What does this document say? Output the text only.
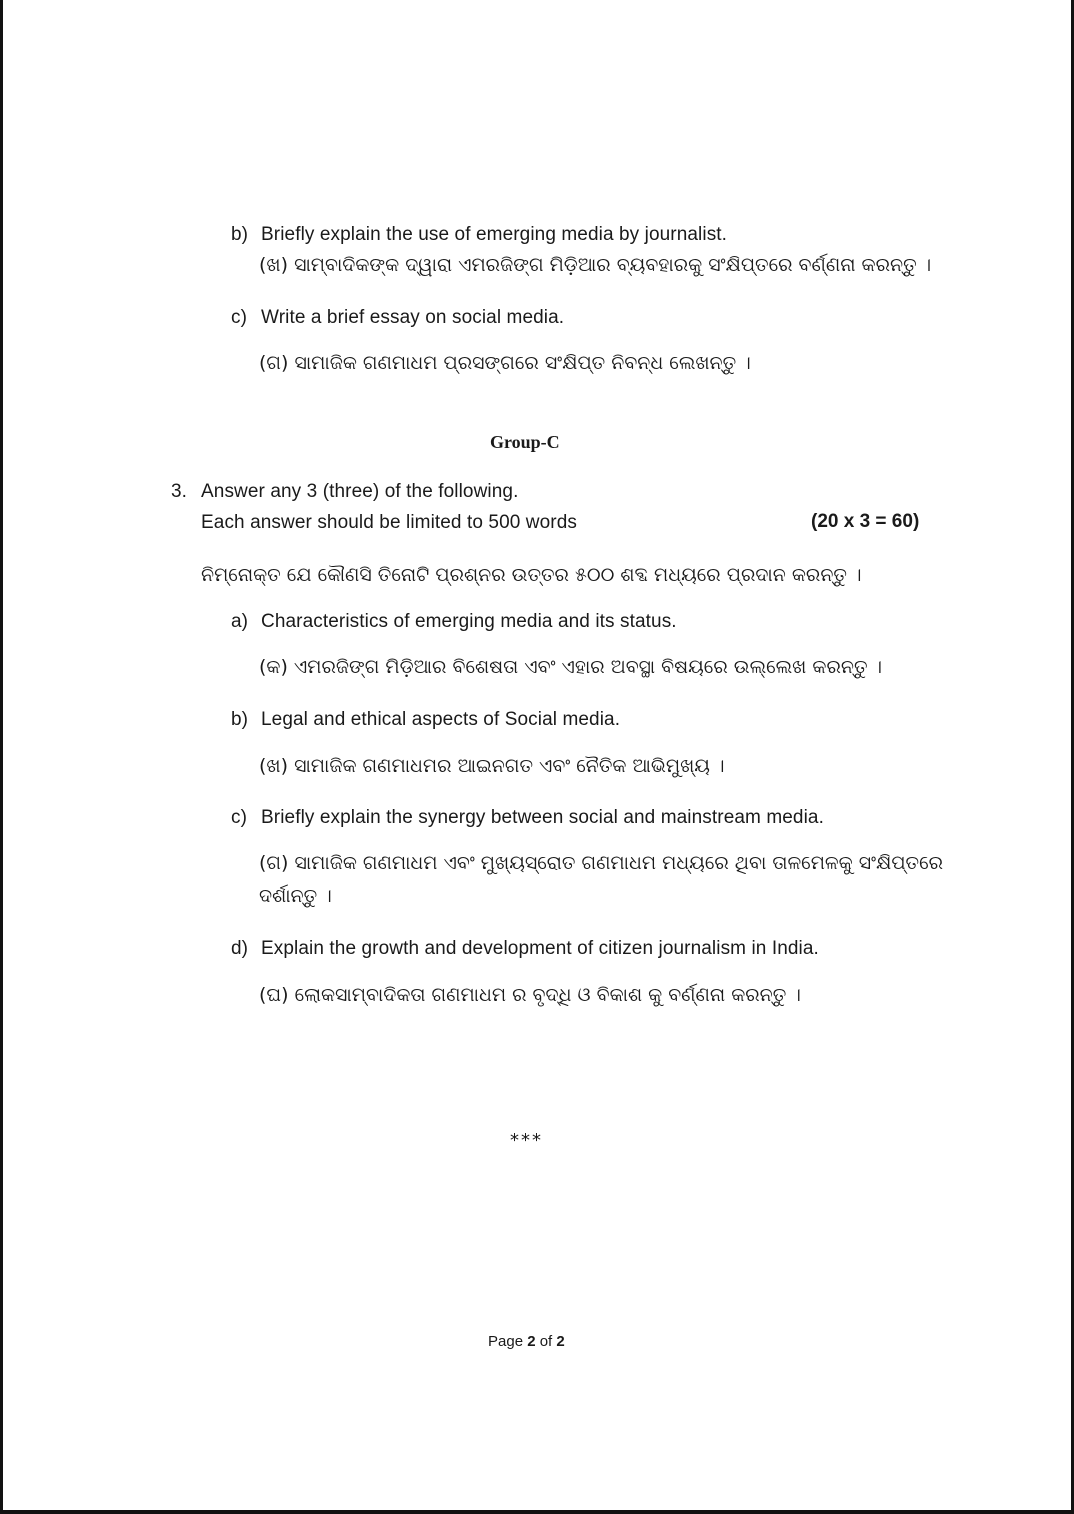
b) Briefly explain the use of emerging media by journalist.
(ଖ) ସାମ୍ବାଦିକଙ୍କ ଦ୍ୱାରା ଏମରଜିଙ୍ଗ ମିଡ଼ିଆର ବ୍ୟବହାରକୁ ସଂକ୍ଷିପ୍ତରେ ବର୍ଣ୍ଣନା କରନ୍ତୁ ।
c) Write a brief essay on social media.
(ଗ) ସାମାଜିକ ଗଣମାଧମ ପ୍ରସଙ୍ଗରେ ସଂକ୍ଷିପ୍ତ ନିବନ୍ଧ ଲେଖନ୍ତୁ ।
Group-C
3. Answer any 3 (three) of the following.
Each answer should be limited to 500 words	(20 x 3 = 60)
ନିମ୍ନୋକ୍ତ ଯେ କୌଣସି ତିନୋଟି ପ୍ରଶ୍ନର ଉତ୍ତର ୫୦୦ ଶବ୍ଦ ମଧ୍ୟରେ ପ୍ରଦାନ କରନ୍ତୁ ।
a) Characteristics of emerging media and its status.
(କ) ଏମରଜିଙ୍ଗ ମିଡ଼ିଆର ବିଶେଷତା ଏବଂ ଏହାର ଅବସ୍ଥା ବିଷୟରେ ଉଲ୍ଲେଖ କରନ୍ତୁ ।
b) Legal and ethical aspects of Social media.
(ଖ) ସାମାଜିକ ଗଣମାଧମର ଆଇନଗତ ଏବଂ ନୈତିକ ଆଭିମୁଖ୍ୟ ।
c) Briefly explain the synergy between social and mainstream media.
(ଗ) ସାମାଜିକ ଗଣମାଧମ ଏବଂ ମୁଖ୍ୟସ୍ରୋତ ଗଣମାଧମ ମଧ୍ୟରେ ଥିବା ତାଳମେଳକୁ ସଂକ୍ଷିପ୍ତରେ
ଦର୍ଶାନ୍ତୁ ।
d) Explain the growth and development of citizen journalism in India.
(ଘ) ଲୋକସାମ୍ବାଦିକତା ଗଣମାଧମ ର ବୃଦ୍ଧି ଓ ବିକାଶ କୁ ବର୍ଣ୍ଣନା କରନ୍ତୁ ।
***
Page 2 of 2
